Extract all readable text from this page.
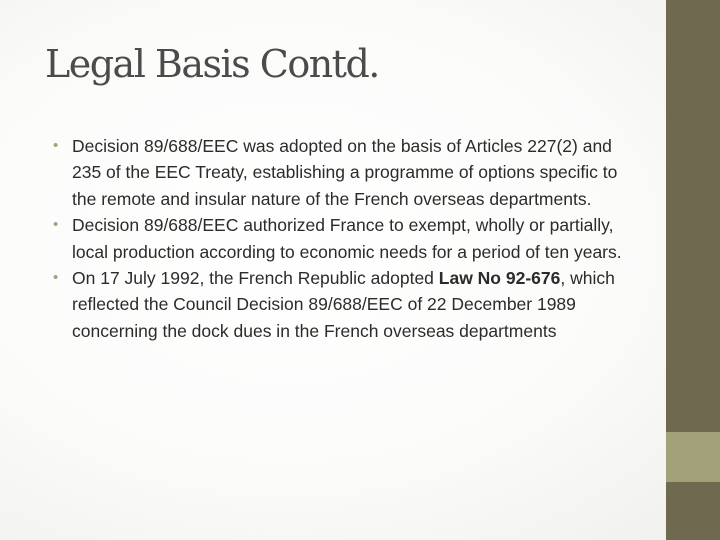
Legal Basis Contd.
• Decision 89/688/EEC was adopted on the basis of Articles 227(2) and 235 of the EEC Treaty, establishing a programme of options specific to the remote and insular nature of the French overseas departments.
• Decision 89/688/EEC authorized France to exempt, wholly or partially, local production according to economic needs for a period of ten years.
• On 17 July 1992, the French Republic adopted Law No 92-676, which reflected the Council Decision 89/688/EEC of 22 December 1989 concerning the dock dues in the French overseas departments
